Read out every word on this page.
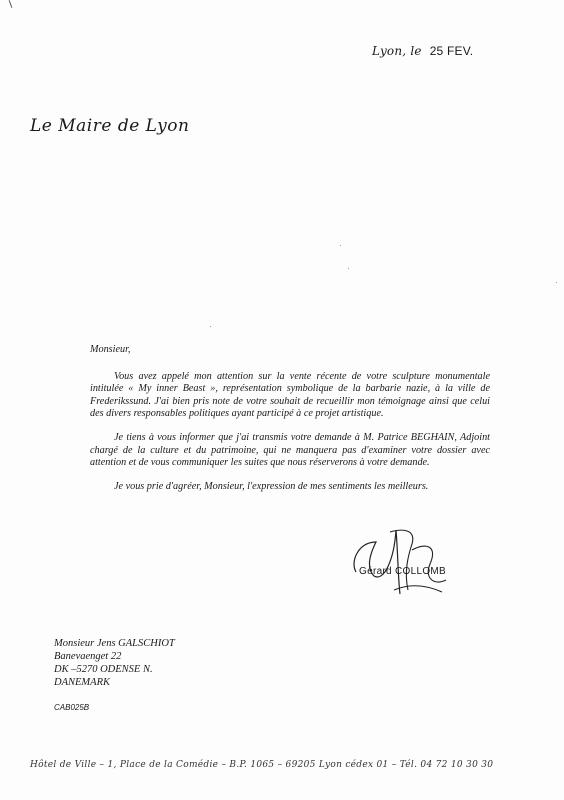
Lyon, le 25 FEV.
Le Maire de Lyon

Monsieur,

Vous avez appelé mon attention sur la vente récente de votre sculpture monumentale intitulée « My inner Beast », représentation symbolique de la barbarie nazie, à la ville de Frederikssund. J'ai bien pris note de votre souhait de recueillir mon témoignage ainsi que celui des divers responsables politiques ayant participé à ce projet artistique.

Je tiens à vous informer que j'ai transmis votre demande à M. Patrice BEGHAIN, Adjoint chargé de la culture et du patrimoine, qui ne manquera pas d'examiner votre dossier avec attention et de vous communiquer les suites que nous réserverons à votre demande.

Je vous prie d'agréer, Monsieur, l'expression de mes sentiments les meilleurs.

Gérard COLLOMB
Monsieur Jens GALSCHIOT
Banevaenget 22
DK –5270 ODENSE N.
DANEMARK
CAB025B
Hôtel de Ville – 1, Place de la Comédie – B.P. 1065 – 69205 Lyon cédex 01 – Tél. 04 72 10 30 30
